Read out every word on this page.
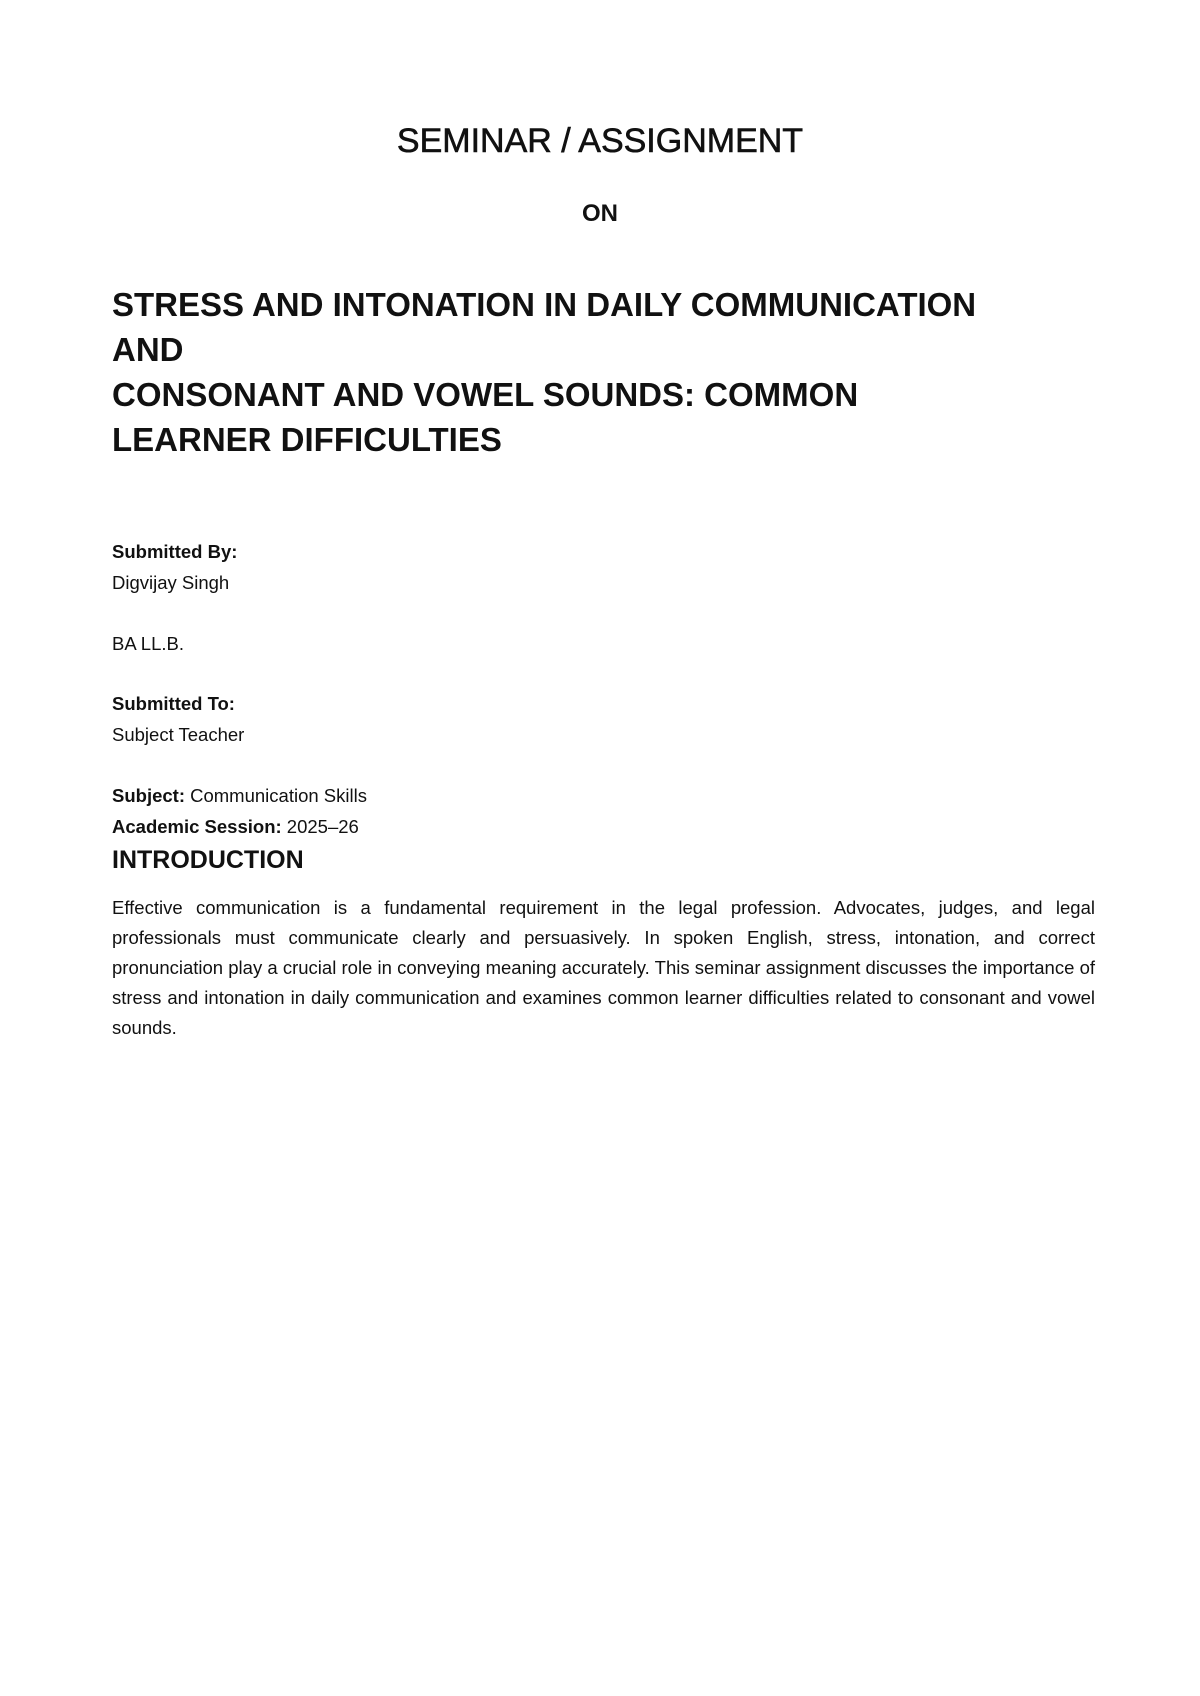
SEMINAR / ASSIGNMENT

ON

STRESS AND INTONATION IN DAILY COMMUNICATION
AND
CONSONANT AND VOWEL SOUNDS: COMMON
LEARNER DIFFICULTIES

Submitted By:

Digvijay Singh

BA LL.B.

Submitted To:

Subject Teacher

Subject: Communication Skills

Academic Session: 2025–26

INTRODUCTION

Effective communication is a fundamental requirement in the legal profession. Advocates, judges, and legal professionals must communicate clearly and persuasively. In spoken English, stress, intonation, and correct pronunciation play a crucial role in conveying meaning accurately. This seminar assignment discusses the importance of stress and intonation in daily communication and examines common learner difficulties related to consonant and vowel sounds.
